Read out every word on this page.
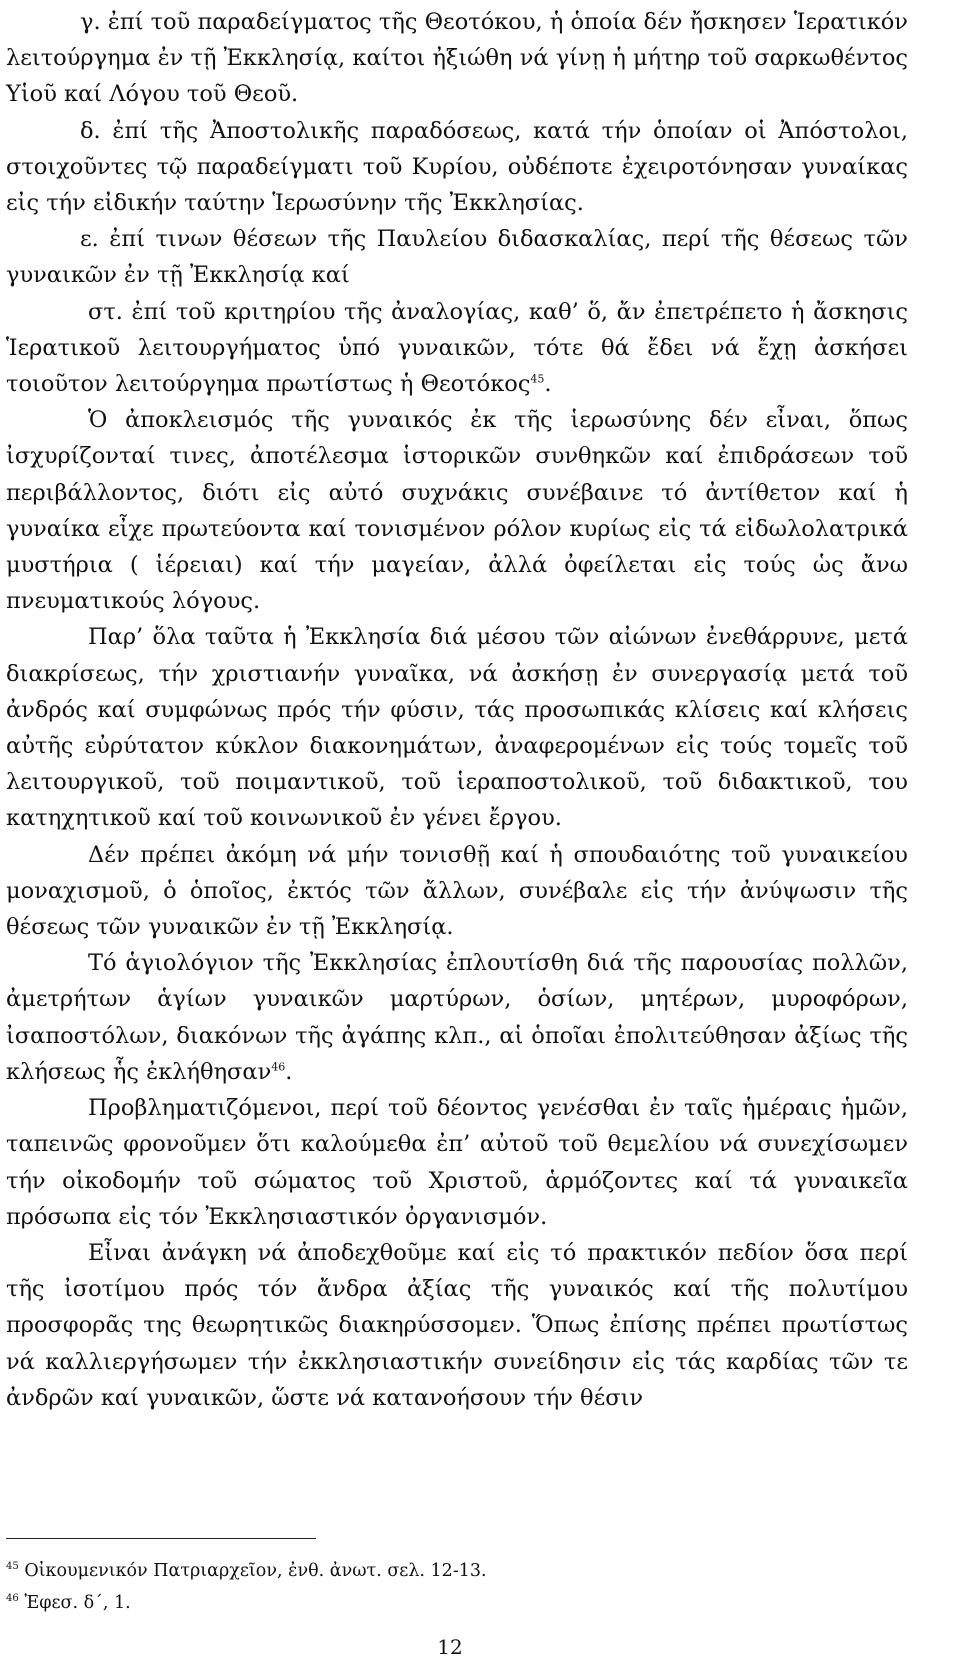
γ. ἐπί τοῦ παραδείγματος τῆς Θεοτόκου, ἡ ὁποία δέν ἤσκησεν Ἱερατικόν λειτούργημα ἐν τῇ Ἐκκλησίᾳ, καίτοι ἠξιώθη νά γίνῃ ἡ μήτηρ τοῦ σαρκωθέντος Υἱοῦ καί Λόγου τοῦ Θεοῦ.

δ. ἐπί τῆς Ἀποστολικῆς παραδόσεως, κατά τήν ὁποίαν οἱ Ἀπόστολοι, στοιχοῦντες τῷ παραδείγματι τοῦ Κυρίου, οὐδέποτε ἐχειροτόνησαν γυναίκας εἰς τήν εἰδικήν ταύτην Ἱερωσύνην τῆς Ἐκκλησίας.

ε. ἐπί τινων θέσεων τῆς Παυλείου διδασκαλίας, περί τῆς θέσεως τῶν γυναικῶν ἐν τῇ Ἐκκλησίᾳ καί

στ. ἐπί τοῦ κριτηρίου τῆς ἀναλογίας, καθ’ ὅ, ἄν ἐπετρέπετο ἡ ἄσκησις Ἱερατικοῦ λειτουργήματος ὑπό γυναικῶν, τότε θά ἔδει νά ἔχῃ ἀσκήσει τοιοῦτον λειτούργημα πρωτίστως ἡ Θεοτόκος$^{45}$.

Ὁ ἀποκλεισμός τῆς γυναικός ἐκ τῆς ἱερωσύνης δέν εἶναι, ὅπως ἰσχυρίζονταί τινες, ἀποτέλεσμα ἱστορικῶν συνθηκῶν καί ἐπιδράσεων τοῦ περιβάλλοντος, διότι εἰς αὐτό συχνάκις συνέβαινε τό ἀντίθετον καί ἡ γυναίκα εἶχε πρωτεύοντα καί τονισμένον ρόλον κυρίως εἰς τά εἰδωλολατρικά μυστήρια ( ἱέρειαι) καί τήν μαγείαν, ἀλλά ὀφείλεται εἰς τούς ὡς ἄνω πνευματικούς λόγους.

Παρ’ ὅλα ταῦτα ἡ Ἐκκλησία διά μέσου τῶν αἰώνων ἐνεθάρρυνε, μετά διακρίσεως, τήν χριστιανήν γυναῖκα, νά ἀσκήσῃ ἐν συνεργασίᾳ μετά τοῦ ἀνδρός καί συμφώνως πρός τήν φύσιν, τάς προσωπικάς κλίσεις καί κλήσεις αὐτῆς εὐρύτατον κύκλον διακονημάτων, ἀναφερομένων εἰς τούς τομεῖς τοῦ λειτουργικοῦ, τοῦ ποιμαντικοῦ, τοῦ ἱεραποστολικοῦ, τοῦ διδακτικοῦ, του κατηχητικοῦ καί τοῦ κοινωνικοῦ ἐν γένει ἔργου.

Δέν πρέπει ἀκόμη νά μήν τονισθῇ καί ἡ σπουδαιότης τοῦ γυναικείου μοναχισμοῦ, ὁ ὁποῖος, ἐκτός τῶν ἄλλων, συνέβαλε εἰς τήν ἀνύψωσιν τῆς θέσεως τῶν γυναικῶν ἐν τῇ Ἐκκλησίᾳ.

Τό ἁγιολόγιον τῆς Ἐκκλησίας ἐπλουτίσθη διά τῆς παρουσίας πολλῶν, ἀμετρήτων ἁγίων γυναικῶν μαρτύρων, ὁσίων, μητέρων, μυροφόρων, ἰσαποστόλων, διακόνων τῆς ἀγάπης κλπ., αἱ ὁποῖαι ἐπολιτεύθησαν ἀξίως τῆς κλήσεως ἧς ἐκλήθησαν$^{46}$.

Προβληματιζόμενοι, περί τοῦ δέοντος γενέσθαι ἐν ταῖς ἡμέραις ἡμῶν, ταπεινῶς φρονοῦμεν ὅτι καλούμεθα ἐπ’ αὐτοῦ τοῦ θεμελίου νά συνεχίσωμεν τήν οἰκοδομήν τοῦ σώματος τοῦ Χριστοῦ, ἁρμόζοντες καί τά γυναικεῖα πρόσωπα εἰς τόν Ἐκκλησιαστικόν ὀργανισμόν.

Εἶναι ἀνάγκη νά ἀποδεχθοῦμε καί εἰς τό πρακτικόν πεδίον ὅσα περί τῆς ἰσοτίμου πρός τόν ἄνδρα ἀξίας τῆς γυναικός καί τῆς πολυτίμου προσφορᾶς της θεωρητικῶς διακηρύσσομεν. Ὅπως ἐπίσης πρέπει πρωτίστως νά καλλιεργήσωμεν τήν ἐκκλησιαστικήν συνείδησιν εἰς τάς καρδίας τῶν τε ἀνδρῶν καί γυναικῶν, ὥστε νά κατανοήσουν τήν θέσιν

$^{45}$ Οἰκουμενικόν Πατριαρχεῖον, ἐνθ. ἀνωτ. σελ. 12-13.

$^{46}$ Ἐφεσ. δ΄, 1.

12
